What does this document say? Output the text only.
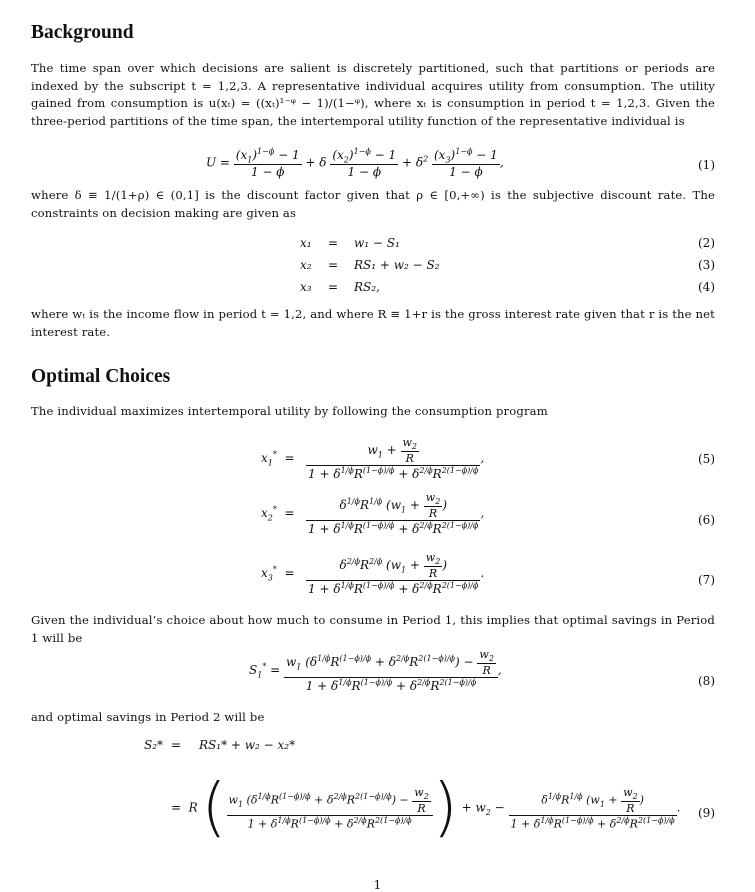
Background
The time span over which decisions are salient is discretely partitioned, such that partitions or periods are indexed by the subscript t = 1,2,3. A representative individual acquires utility from consumption. The utility gained from consumption is u(xₜ) = ((xₜ)¹⁻ᵠ − 1)/(1−ᵠ), where xₜ is consumption in period t = 1,2,3. Given the three-period partitions of the time span, the intertemporal utility function of the representative individual is
$U = \frac{(x_1)^{1-\phi} - 1}{1 - \phi} + \delta \frac{(x_2)^{1-\phi} - 1}{1 - \phi} + \delta^2 \frac{(x_3)^{1-\phi} - 1}{1 - \phi}$ ,	(1)
where δ ≡ 1/(1+ρ) ∈ (0,1] is the discount factor given that ρ ∈ [0,+∞) is the subjective discount rate. The constraints on decision making are given as
x₁ = w₁ − S₁	(2)
x₂ = RS₁ + w₂ − S₂	(3)
x₃ = RS₂,	(4)
where wₜ is the income flow in period t = 1,2, and where R ≡ 1+r is the gross interest rate given that r is the net interest rate.
Optimal Choices
The individual maximizes intertemporal utility by following the consumption program
$x_1^* = \frac{w_1 + \frac{w_2}{R}}{1 + \delta^{1/\phi}R^{(1-\phi)/\phi} + \delta^{2/\phi}R^{2(1-\phi)/\phi}}$ ,	(5)
$x_2^* = \frac{\delta^{1/\phi}R^{1/\phi} (w_1 + \frac{w_2}{R} )}{1 + \delta^{1/\phi}R^{(1-\phi)/\phi} + \delta^{2/\phi}R^{2(1-\phi)/\phi}}$ ,	(6)
$x_3^* = \frac{\delta^{2/\phi}R^{2/\phi} (w_1 + \frac{w_2}{R} )}{1 + \delta^{1/\phi}R^{(1-\phi)/\phi} + \delta^{2/\phi}R^{2(1-\phi)/\phi}}$ .	(7)
Given the individual’s choice about how much to consume in Period 1, this implies that optimal savings in Period 1 will be
$S_1^* = \frac{w_1 (\delta^{1/\phi}R^{(1-\phi)/\phi} + \delta^{2/\phi}R^{2(1-\phi)/\phi}) - \frac{w_2}{R}}{1 + \delta^{1/\phi}R^{(1-\phi)/\phi} + \delta^{2/\phi}R^{2(1-\phi)/\phi}}$ ,
(8)
and optimal savings in Period 2 will be
S₂* = RS₁* + w₂ − x₂*
=  R ( $\frac{w_1 (\delta^{1/\phi}R^{(1-\phi)/\phi} + \delta^{2/\phi}R^{2(1-\phi)/\phi}) - \frac{w_2}{R}}{1 + \delta^{1/\phi}R^{(1-\phi)/\phi} + \delta^{2/\phi}R^{2(1-\phi)/\phi}}$ ) + $w_2 - \frac{\delta^{1/\phi}R^{1/\phi} (w_1 + \frac{w_2}{R} )}{1 + \delta^{1/\phi}R^{(1-\phi)/\phi} + \delta^{2/\phi}R^{2(1-\phi)/\phi}}$ . (9)
1
